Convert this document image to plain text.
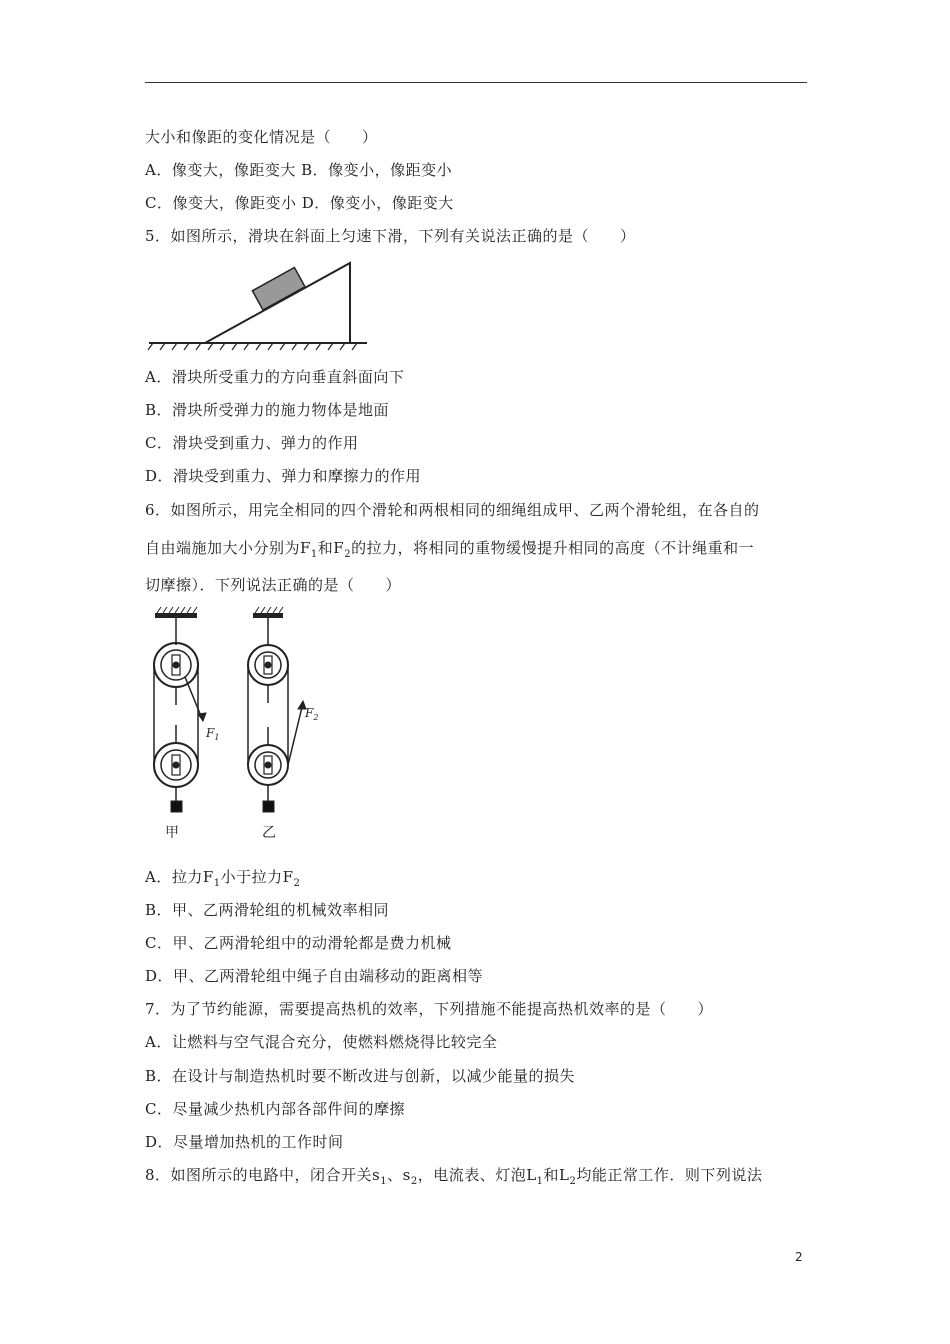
大小和像距的变化情况是（　　）
A．像变大，像距变大 B．像变小，像距变小
C．像变大，像距变小 D．像变小，像距变大
5．如图所示，滑块在斜面上匀速下滑，下列有关说法正确的是（　　）
A．滑块所受重力的方向垂直斜面向下
B．滑块所受弹力的施力物体是地面
C．滑块受到重力、弹力的作用
D．滑块受到重力、弹力和摩擦力的作用
6．如图所示，用完全相同的四个滑轮和两根相同的细绳组成甲、乙两个滑轮组，在各自的
自由端施加大小分别为$F_1$和$F_2$的拉力，将相同的重物缓慢提升相同的高度（不计绳重和一
切摩擦）．下列说法正确的是（　　）
$F_1$
甲
$F_2$
乙
A．拉力$F_1$小于拉力$F_2$
B．甲、乙两滑轮组的机械效率相同
C．甲、乙两滑轮组中的动滑轮都是费力机械
D．甲、乙两滑轮组中绳子自由端移动的距离相等
7．为了节约能源，需要提高热机的效率，下列措施不能提高热机效率的是（　　）
A．让燃料与空气混合充分，使燃料燃烧得比较完全
B．在设计与制造热机时要不断改进与创新，以减少能量的损失
C．尽量减少热机内部各部件间的摩擦
D．尽量增加热机的工作时间
8．如图所示的电路中，闭合开关$s_1$、$s_2$，电流表、灯泡$L_1$和$L_2$均能正常工作．则下列说法
2
